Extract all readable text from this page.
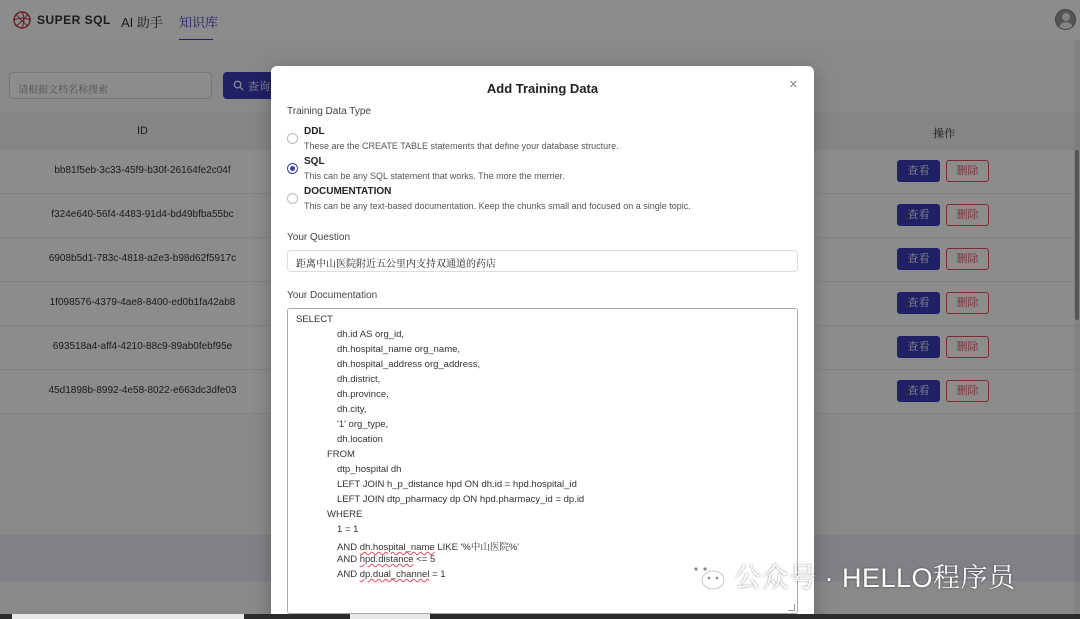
SUPER SQL AI 助手 知识库
请根据文档名称搜索	查询
ID	操作
bb81f5eb-3c33-45f9-b30f-26164fe2c04f	查看	删除
f324e640-56f4-4483-91d4-bd49bfba55bc	查看	删除
6908b5d1-783c-4818-a2e3-b98d62f5917c	查看	删除
1f098576-4379-4ae8-8400-ed0b1fa42ab8	查看	删除
693518a4-aff4-4210-88c9-89ab0febf95e	查看	删除
45d1898b-8992-4e58-8022-e663dc3dfe03	查看	删除
Add Training Data	×
Training Data Type
DDL
These are the CREATE TABLE statements that define your database structure.
SQL
This can be any SQL statement that works. The more the merrier.
DOCUMENTATION
This can be any text-based documentation. Keep the chunks small and focused on a single topic.
Your Question
距离中山医院附近五公里内支持双通道的药店
Your Documentation
SELECT
dh.id AS org_id,
dh.hospital_name org_name,
dh.hospital_address org_address,
dh.district,
dh.province,
dh.city,
'1' org_type,
dh.location
FROM
dtp_hospital dh
LEFT JOIN h_p_distance hpd ON dh.id = hpd.hospital_id
LEFT JOIN dtp_pharmacy dp ON hpd.pharmacy_id = dp.id
WHERE
1 = 1
AND dh.hospital_name LIKE '%中山医院%'
AND hpd.distance <= 5
AND dp.dual_channel = 1	公众号 · HELLO程序员
